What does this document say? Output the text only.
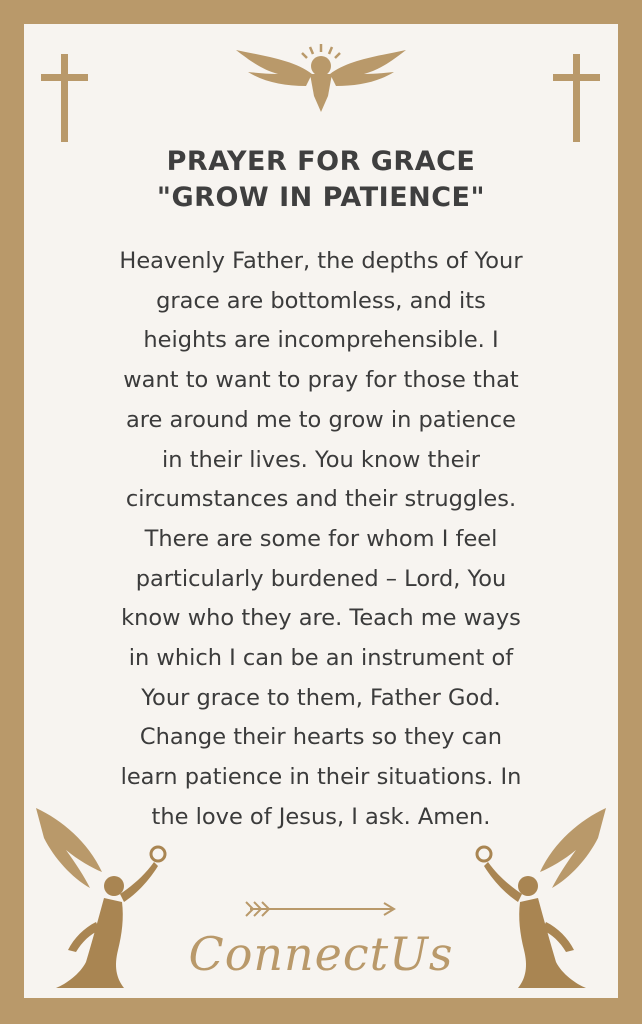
PRAYER FOR GRACE
"GROW IN PATIENCE"
Heavenly Father, the depths of Your
grace are bottomless, and its
heights are incomprehensible. I
want to want to pray for those that
are around me to grow in patience
in their lives. You know their
circumstances and their struggles.
There are some for whom I feel
particularly burdened – Lord, You
know who they are. Teach me ways
in which I can be an instrument of
Your grace to them, Father God.
Change their hearts so they can
learn patience in their situations. In
the love of Jesus, I ask. Amen.
ConnectUs
